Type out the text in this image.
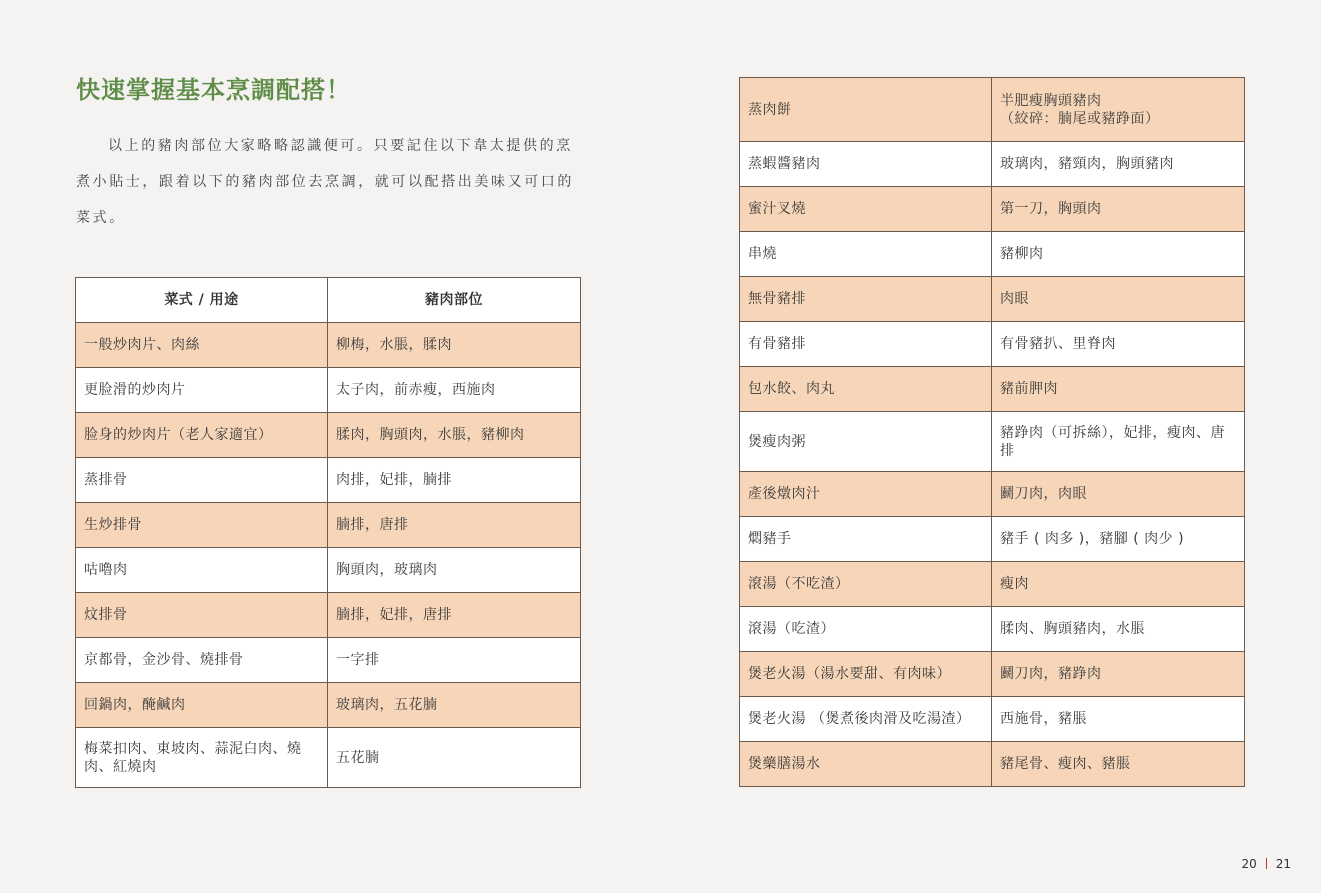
快速掌握基本烹調配搭！

以上的豬肉部位大家略略認識便可。只要記住以下韋太提供的烹煮小貼士，跟着以下的豬肉部位去烹調，就可以配搭出美味又可口的菜式。

菜式 / 用途	豬肉部位
一般炒肉片、肉絲	柳梅，水脹，腬肉
更脸滑的炒肉片	太子肉，前赤瘦，西施肉
脸身的炒肉片（老人家適宜）	腬肉，胸頭肉，水脹，豬柳肉
蒸排骨	肉排，妃排，腩排
生炒排骨	腩排，唐排
咕嚕肉	胸頭肉，玻璃肉
炆排骨	腩排，妃排，唐排
京都骨，金沙骨、燒排骨	一字排
回鍋肉，醃鹹肉	玻璃肉，五花腩
梅菜扣肉、東坡肉、蒜泥白肉、燒肉、紅燒肉	五花腩
蒸肉餅	半肥瘦胸頭豬肉
（絞碎：腩尾或豬踭面）
蒸蝦醬豬肉	玻璃肉，豬頸肉，胸頭豬肉
蜜汁叉燒	第一刀，胸頭肉
串燒	豬柳肉
無骨豬排	肉眼
有骨豬排	有骨豬扒、里脊肉
包水餃、肉丸	豬前胛肉
煲瘦肉粥	豬踭肉（可拆絲），妃排，瘦肉、唐排
產後燉肉汁	鬬刀肉，肉眼
燜豬手	豬手 ( 肉多 )，豬腳 ( 肉少 )
滾湯（不吃渣）	瘦肉
滾湯（吃渣）	腬肉、胸頭豬肉，水脹
煲老火湯（湯水要甜、有肉味）	鬬刀肉，豬踭肉
煲老火湯 （煲煮後肉滑及吃湯渣）	西施骨，豬脹
煲藥膳湯水	豬尾骨、瘦肉、豬脹
20 21
